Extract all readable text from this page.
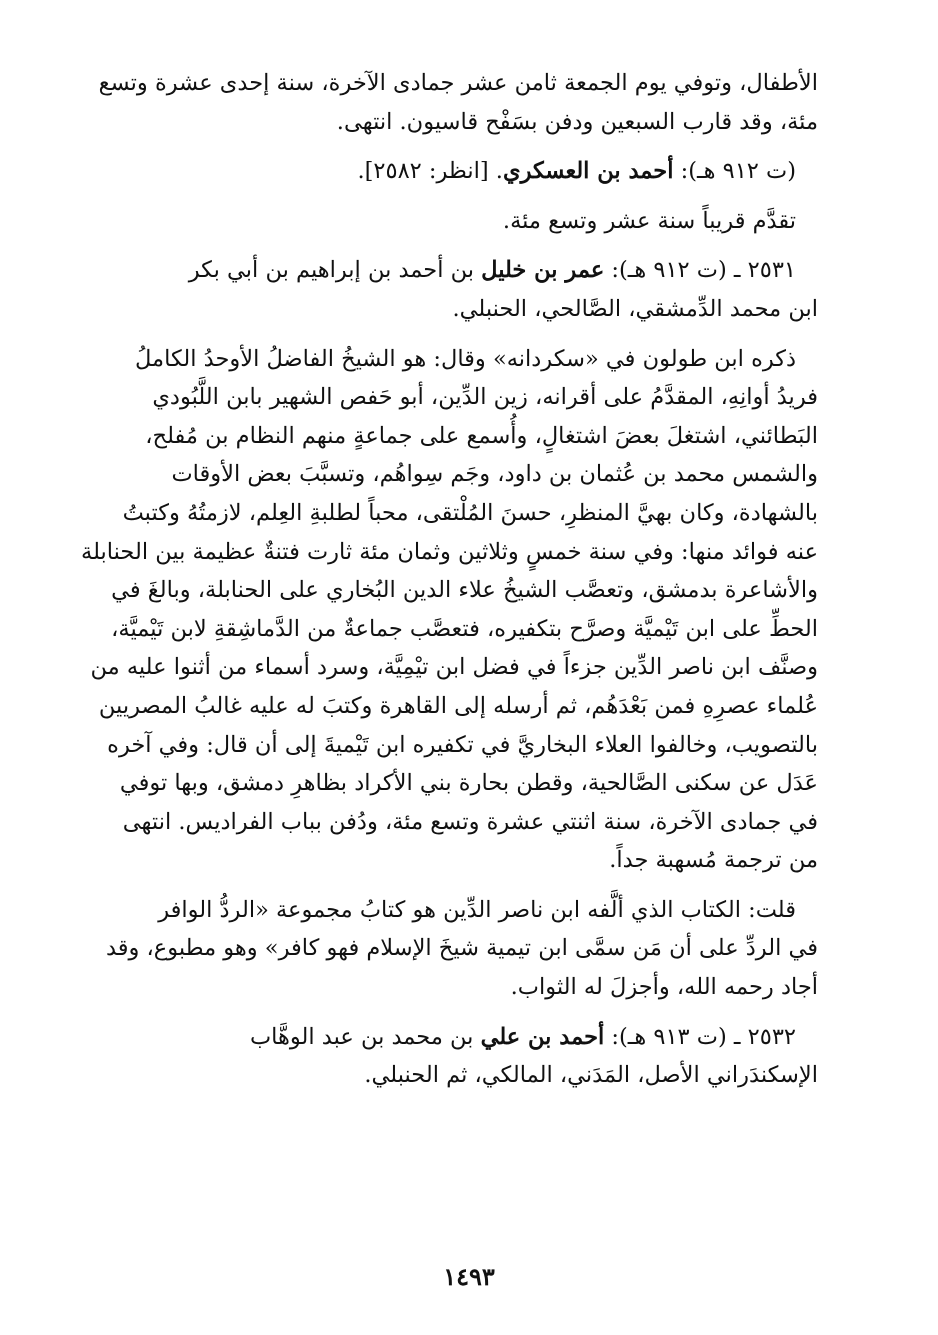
الأطفال، وتوفي يوم الجمعة ثامن عشر جمادى الآخرة، سنة إحدى عشرة وتسع
مئة، وقد قارب السبعين ودفن بسَفْح قاسيون. انتهى.
(ت ٩١٢ هـ): أحمد بن العسكري. [انظر: ٢٥٨٢].
تقدَّم قريباً سنة عشر وتسع مئة.
٢٥٣١ ـ (ت ٩١٢ هـ): عمر بن خليل بن أحمد بن إبراهيم بن أبي بكر
ابن محمد الدِّمشقي، الصَّالحي، الحنبلي.
ذكره ابن طولون في «سكردانه» وقال: هو الشيخُ الفاضلُ الأوحدُ الكاملُ
فريدُ أوانِهِ، المقدَّمُ على أقرانه، زين الدِّين، أبو حَفص الشهير بابن اللَّبُودي
البَطائني، اشتغلَ بعضَ اشتغالٍ، وأُسمع على جماعةٍ منهم النظام بن مُفلح،
والشمس محمد بن عُثمان بن داود، وجَم سِواهُم، وتسبَّبَ بعض الأوقات
بالشهادة، وكان بهيَّ المنظرِ، حسنَ المُلْتقى، محباً لطلبةِ العِلم، لازمتُهُ وكتبتُ
عنه فوائد منها: وفي سنة خمسٍ وثلاثين وثمان مئة ثارت فتنةٌ عظيمة بين الحنابلة
والأشاعرة بدمشق، وتعصَّب الشيخُ علاء الدين البُخاري على الحنابلة، وبالغَ في
الحطِّ على ابن تَيْميَّة وصرَّح بتكفيره، فتعصَّب جماعةٌ من الدَّماشِقةِ لابن تَيْميَّة،
وصنَّف ابن ناصر الدِّين جزءاً في فضل ابن تيْمِيَّة، وسرد أسماء من أثنوا عليه من
عُلماء عصرِهِ فمن بَعْدَهُم، ثم أرسله إلى القاهرة وكتبَ له عليه غالبُ المصريين
بالتصويب، وخالفوا العلاء البخاريَّ في تكفيره ابن تَيْميةَ إلى أن قال: وفي آخره
عَدَل عن سكنى الصَّالحية، وقطن بحارة بني الأكراد بظاهرِ دمشق، وبها توفي
في جمادى الآخرة، سنة اثنتي عشرة وتسع مئة، ودُفن بباب الفراديس. انتهى
من ترجمة مُسهبة جداً.
قلت: الكتاب الذي ألَّفه ابن ناصر الدِّين هو كتابُ مجموعة «الردُّ الوافر
في الردِّ على أن مَن سمَّى ابن تيمية شيخَ الإسلام فهو كافر» وهو مطبوع، وقد
أجاد رحمه الله، وأجزلَ له الثواب.
٢٥٣٢ ـ (ت ٩١٣ هـ): أحمد بن علي بن محمد بن عبد الوهَّاب
الإسكندَراني الأصل، المَدَني، المالكي، ثم الحنبلي.
١٤٩٣
